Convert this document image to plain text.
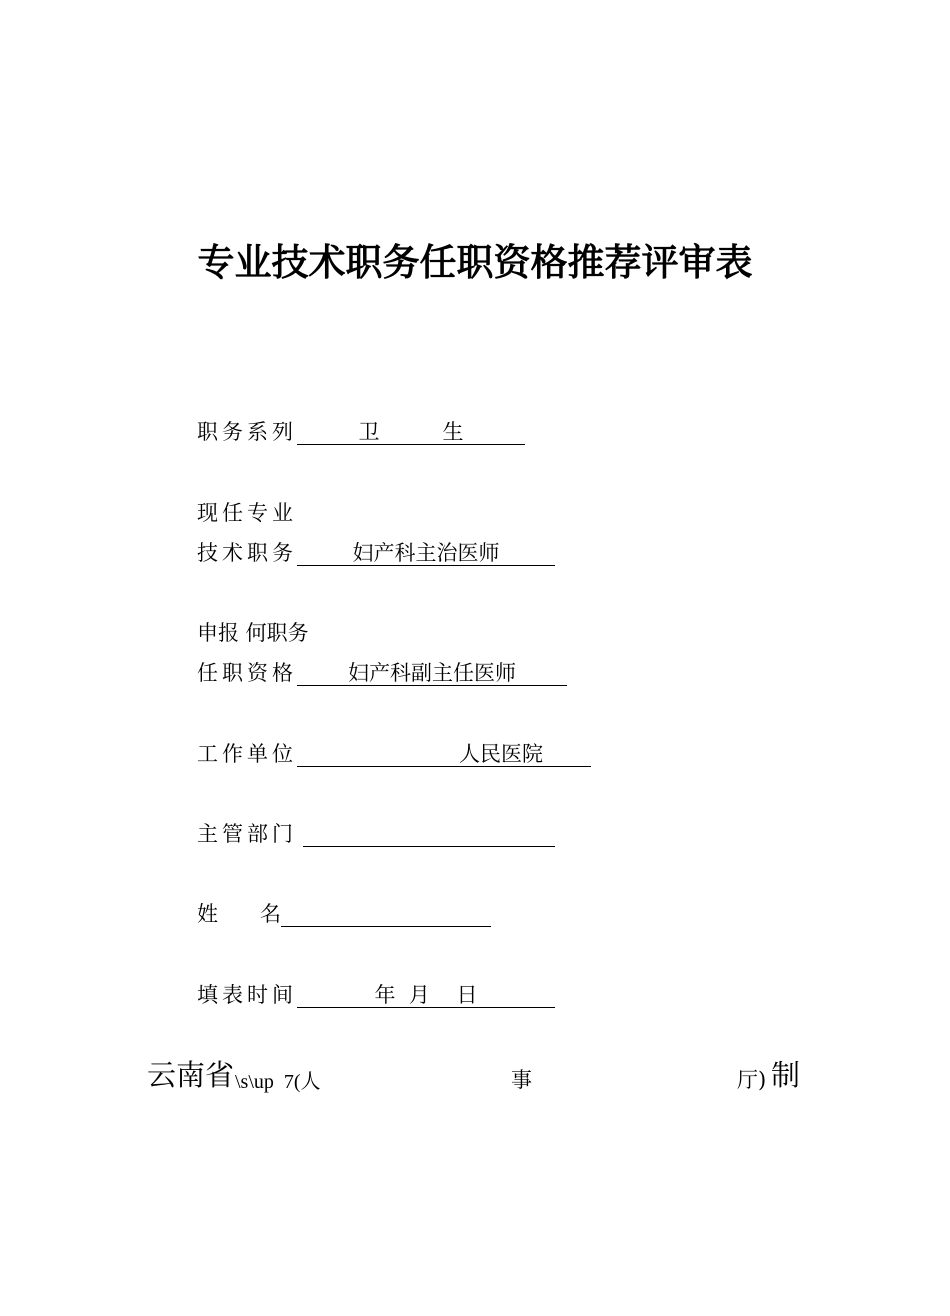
专业技术职务任职资格推荐评审表
职务系列	卫　　　生
现任专业
技术职务	妇产科主治医师
申报 何职务
任职资格 妇产科副主任医师
工作单位	人民医院
主管部门
姓　　名
填表时间	年  月    日
云南省 \s\up  7(人	事	厅) 制
